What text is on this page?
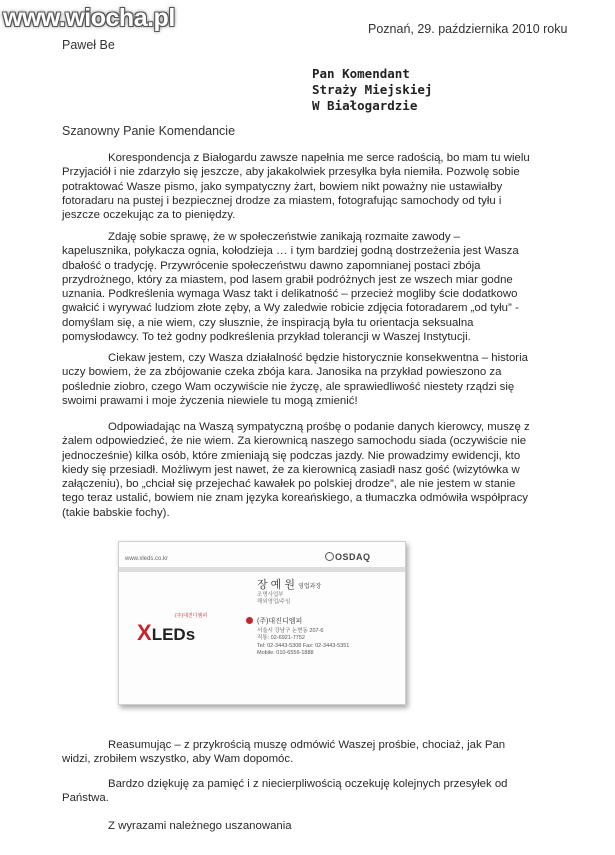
www.wiocha.pl	Poznań, 29. października 2010 roku
Paweł Be
Pan Komendant
Straży Miejskiej
W Białogardzie
Szanowny Panie Komendancie
Korespondencja z Białogardu zawsze napełnia me serce radością, bo mam tu wielu
Przyjaciół i nie zdarzyło się jeszcze, aby jakakolwiek przesyłka była niemiła. Pozwolę sobie
potraktować Wasze pismo, jako sympatyczny żart, bowiem nikt poważny nie ustawiałby
fotoradaru na pustej i bezpiecznej drodze za miastem, fotografując samochody od tyłu i
jeszcze oczekując za to pieniędzy.
Zdaję sobie sprawę, że w społeczeństwie zanikają rozmaite zawody –
kapelusznika, połykacza ognia, kołodzieja … i tym bardziej godną dostrzeżenia jest Wasza
dbałość o tradycję. Przywrócenie społeczeństwu dawno zapomnianej postaci zbója
przydrożnego, który za miastem, pod lasem grabił podróżnych jest ze wszech miar godne
uznania. Podkreślenia wymaga Wasz takt i delikatność – przecież mogliby ście dodatkowo
gwałcić i wyrywać ludziom złote zęby, a Wy zaledwie robicie zdjęcia fotoradarem „od tyłu” -
domyślam się, a nie wiem, czy słusznie, że inspiracją była tu orientacja seksualna
pomysłodawcy. To też godny podkreślenia przykład tolerancji w Waszej Instytucji.
Ciekaw jestem, czy Wasza działalność będzie historycznie konsekwentna – historia
uczy bowiem, że za zbójowanie czeka zbója kara. Janosika na przykład powieszono za
poślednie ziobro, czego Wam oczywiście nie życzę, ale sprawiedliwość niestety rządzi się
swoimi prawami i moje życzenia niewiele tu mogą zmienić!
Odpowiadając na Waszą sympatyczną prośbę o podanie danych kierowcy, muszę z
żalem odpowiedzieć, że nie wiem. Za kierownicą naszego samochodu siada (oczywiście nie
jednocześnie) kilka osób, które zmieniają się podczas jazdy. Nie prowadzimy ewidencji, kto
kiedy się przesiadł. Możliwym jest nawet, że za kierownicą zasiadł nasz gość (wizytówka w
załączeniu), bo „chciał się przejechać kawałek po polskiej drodze”, ale nie jestem w stanie
tego teraz ustalić, bowiem nie znam języka koreańskiego, a tłumaczka odmówiła współpracy
(takie babskie fochy).
www.xleds.co.kr	OSDAQ
장 예 원 영업과장
조명사업부
해외영업/주임
(주)대진디엠피
XLEDs
(주)대진디엠피
서울시 강남구 논현동 207-6
직통: 02-6921-7752
Tel: 02-3443-5308 Fax: 02-3443-5351
Mobile: 010-6556-1888
Reasumując – z przykrością muszę odmówić Waszej prośbie, chociaż, jak Pan
widzi, zrobiłem wszystko, aby Wam dopomóc.
Bardzo dziękuję za pamięć i z niecierpliwością oczekuję kolejnych przesyłek od
Państwa.
Z wyrazami należnego uszanowania
